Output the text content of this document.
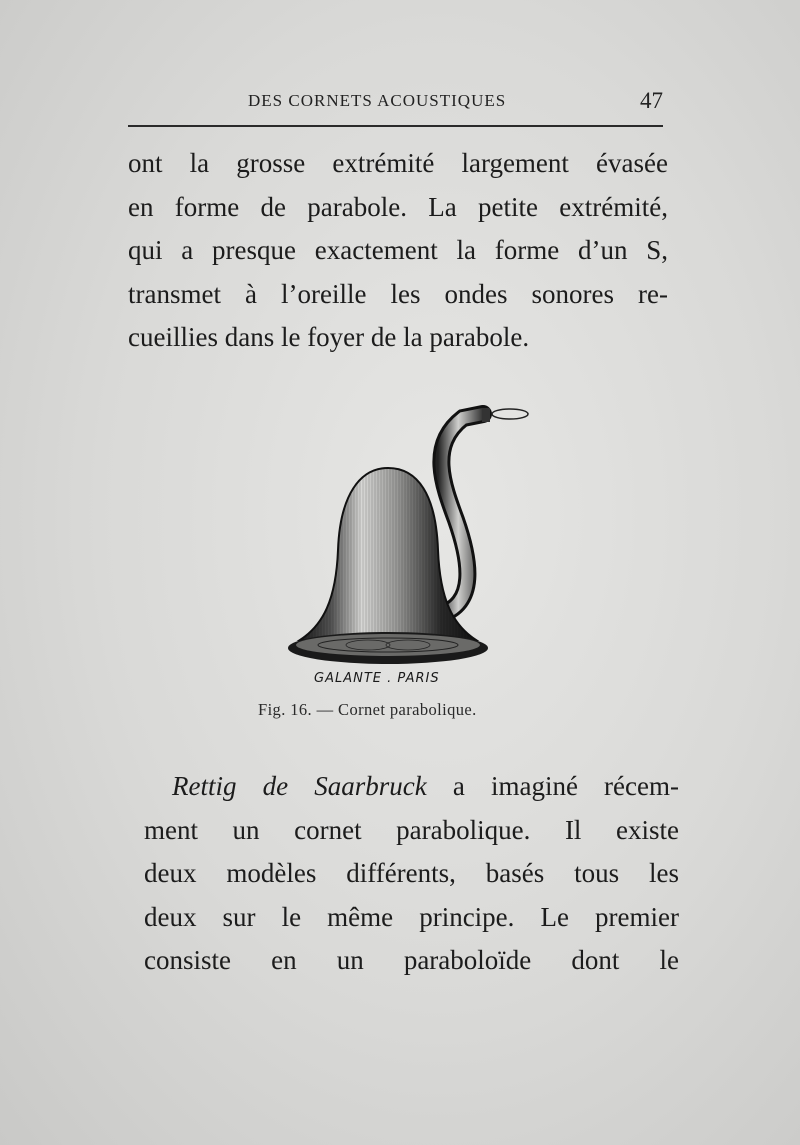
DES CORNETS ACOUSTIQUES	47
ont la grosse extrémité largement évasée
en forme de parabole. La petite extrémité,
qui a presque exactement la forme d’un S,
transmet à l’oreille les ondes sonores re-
cueillies dans le foyer de la parabole.
GALANTE . PARIS
Fig. 16. — Cornet parabolique.
Rettig de Saarbruck a imaginé récem-
ment un cornet parabolique. Il existe
deux modèles différents, basés tous les
deux sur le même principe. Le premier
consiste en un paraboloïde dont le
